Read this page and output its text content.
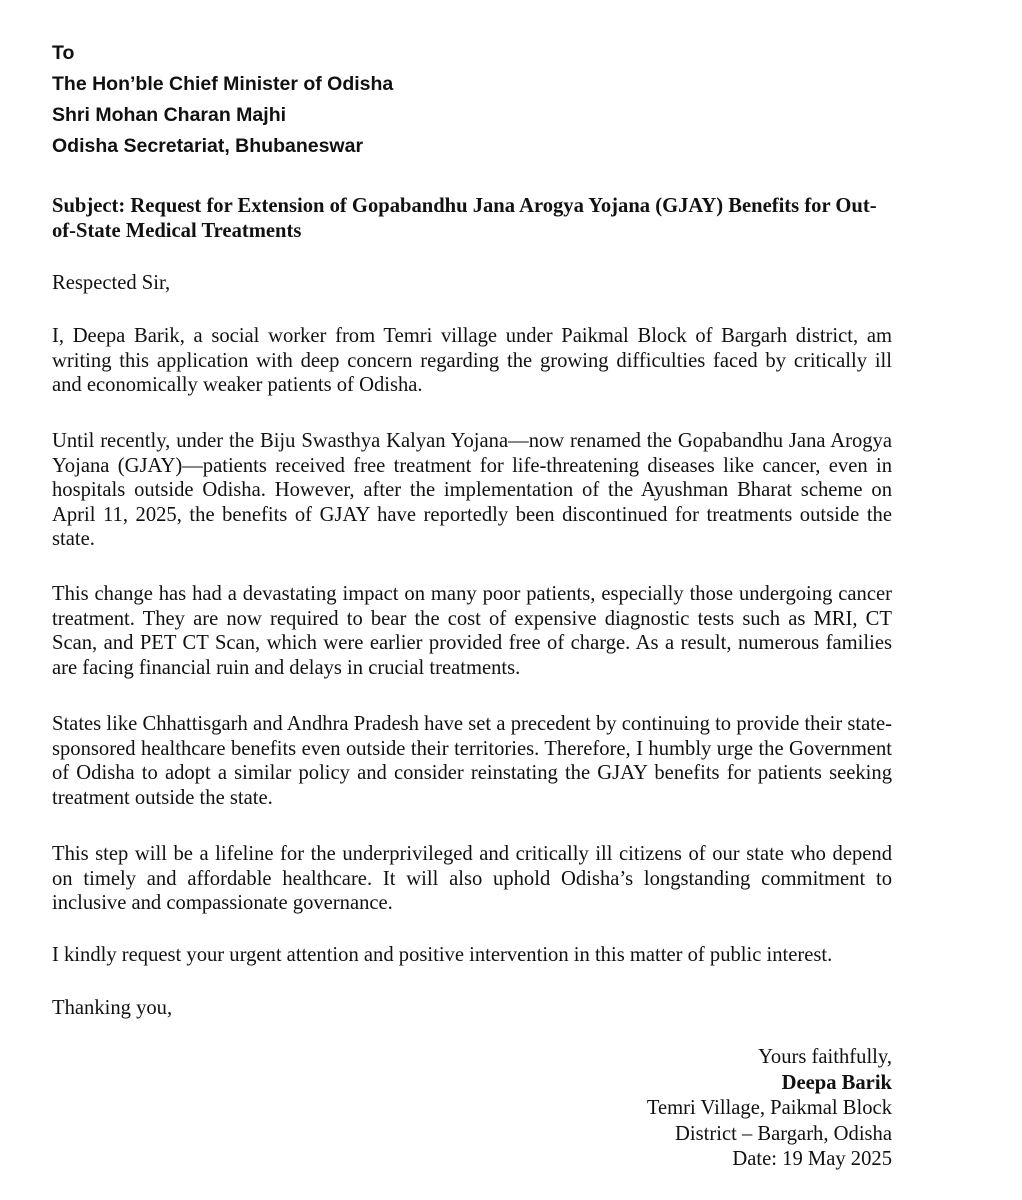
To
The Hon’ble Chief Minister of Odisha
Shri Mohan Charan Majhi
Odisha Secretariat, Bhubaneswar
Subject: Request for Extension of Gopabandhu Jana Arogya Yojana (GJAY) Benefits for Out-of-State Medical Treatments
Respected Sir,
I, Deepa Barik, a social worker from Temri village under Paikmal Block of Bargarh district, am writing this application with deep concern regarding the growing difficulties faced by critically ill and economically weaker patients of Odisha.
Until recently, under the Biju Swasthya Kalyan Yojana—now renamed the Gopabandhu Jana Arogya Yojana (GJAY)—patients received free treatment for life-threatening diseases like cancer, even in hospitals outside Odisha. However, after the implementation of the Ayushman Bharat scheme on April 11, 2025, the benefits of GJAY have reportedly been discontinued for treatments outside the state.
This change has had a devastating impact on many poor patients, especially those undergoing cancer treatment. They are now required to bear the cost of expensive diagnostic tests such as MRI, CT Scan, and PET CT Scan, which were earlier provided free of charge. As a result, numerous families are facing financial ruin and delays in crucial treatments.
States like Chhattisgarh and Andhra Pradesh have set a precedent by continuing to provide their state-sponsored healthcare benefits even outside their territories. Therefore, I humbly urge the Government of Odisha to adopt a similar policy and consider reinstating the GJAY benefits for patients seeking treatment outside the state.
This step will be a lifeline for the underprivileged and critically ill citizens of our state who depend on timely and affordable healthcare. It will also uphold Odisha’s longstanding commitment to inclusive and compassionate governance.
I kindly request your urgent attention and positive intervention in this matter of public interest.
Thanking you,
Yours faithfully,
Deepa Barik
Temri Village, Paikmal Block
District – Bargarh, Odisha
Date: 19 May 2025
